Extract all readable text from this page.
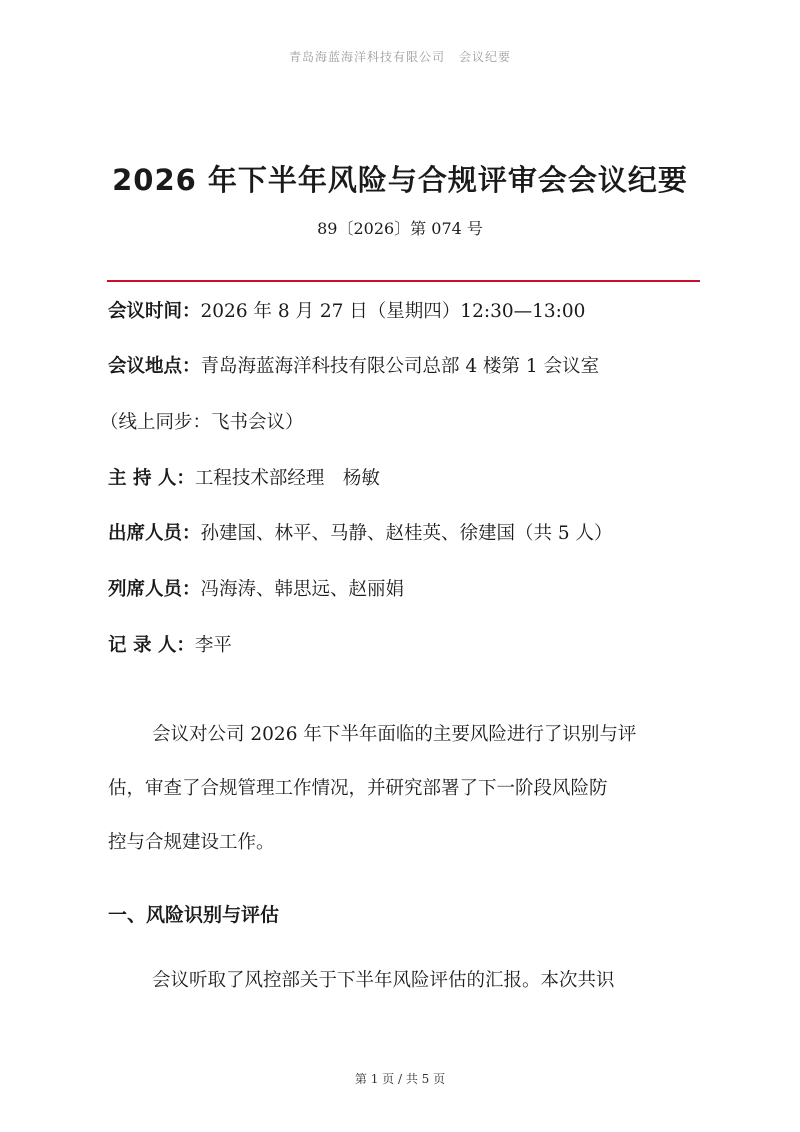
青岛海蓝海洋科技有限公司 会议纪要
2026 年下半年风险与合规评审会会议纪要
89〔2026〕第 074 号
会议时间：2026 年 8 月 27 日（星期四）12:30—13:00
会议地点：青岛海蓝海洋科技有限公司总部 4 楼第 1 会议室
（线上同步：飞书会议）
主 持 人：工程技术部经理　杨敏
出席人员：孙建国、林平、马静、赵桂英、徐建国（共 5 人）
列席人员：冯海涛、韩思远、赵丽娟
记 录 人：李平

会议对公司 2026 年下半年面临的主要风险进行了识别与评

估，审查了合规管理工作情况，并研究部署了下一阶段风险防

控与合规建设工作。

一、风险识别与评估

会议听取了风控部关于下半年风险评估的汇报。本次共识

第 1 页 / 共 5 页
